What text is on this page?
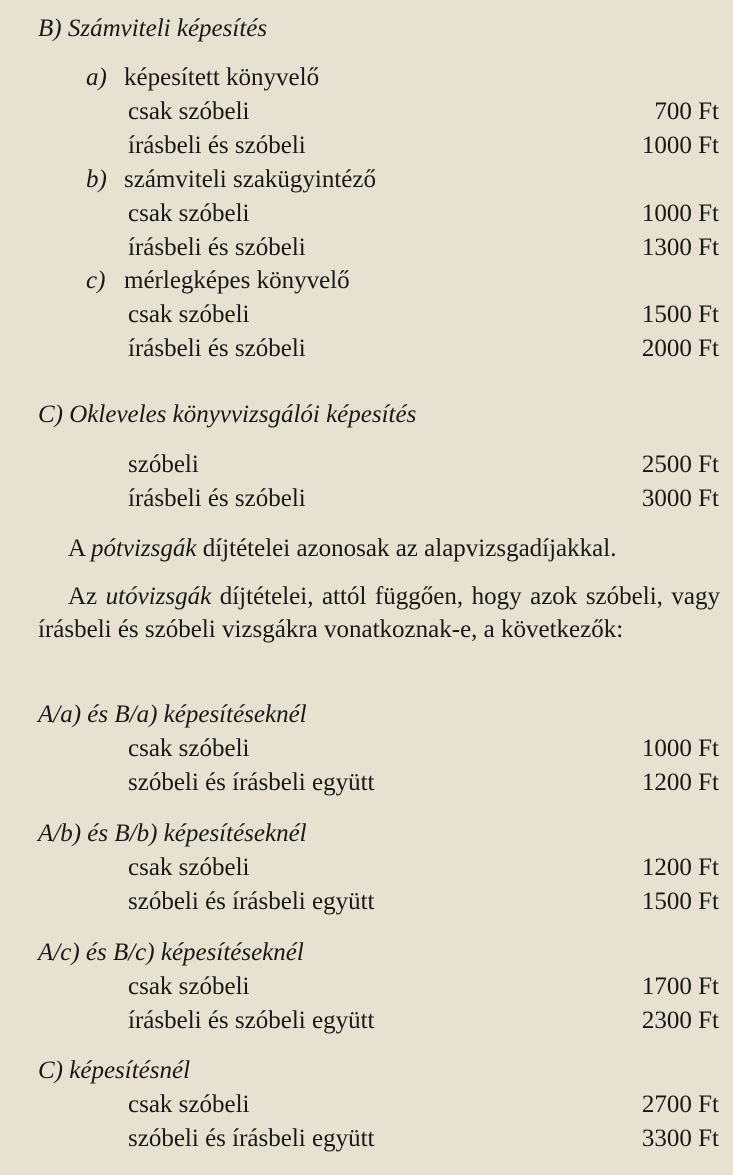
B) Számviteli képesítés
a) képesített könyvelő
csak szóbeli	700 Ft
írásbeli és szóbeli	1000 Ft
b) számviteli szakügyintéző
csak szóbeli	1000 Ft
írásbeli és szóbeli	1300 Ft
c) mérlegképes könyvelő
csak szóbeli	1500 Ft
írásbeli és szóbeli	2000 Ft
C) Okleveles könyvvizsgálói képesítés
szóbeli	2500 Ft
írásbeli és szóbeli	3000 Ft
A pótvizsgák díjtételei azonosak az alapvizsgadíjakkal.
Az utóvizsgák díjtételei, attól függően, hogy azok szóbeli, vagy írásbeli és szóbeli vizsgákra vonatkoznak-e, a következők:
A/a) és B/a) képesítéseknél
csak szóbeli	1000 Ft
szóbeli és írásbeli együtt	1200 Ft
A/b) és B/b) képesítéseknél
csak szóbeli	1200 Ft
szóbeli és írásbeli együtt	1500 Ft
A/c) és B/c) képesítéseknél
csak szóbeli	1700 Ft
írásbeli és szóbeli együtt	2300 Ft
C) képesítésnél
csak szóbeli	2700 Ft
szóbeli és írásbeli együtt	3300 Ft
